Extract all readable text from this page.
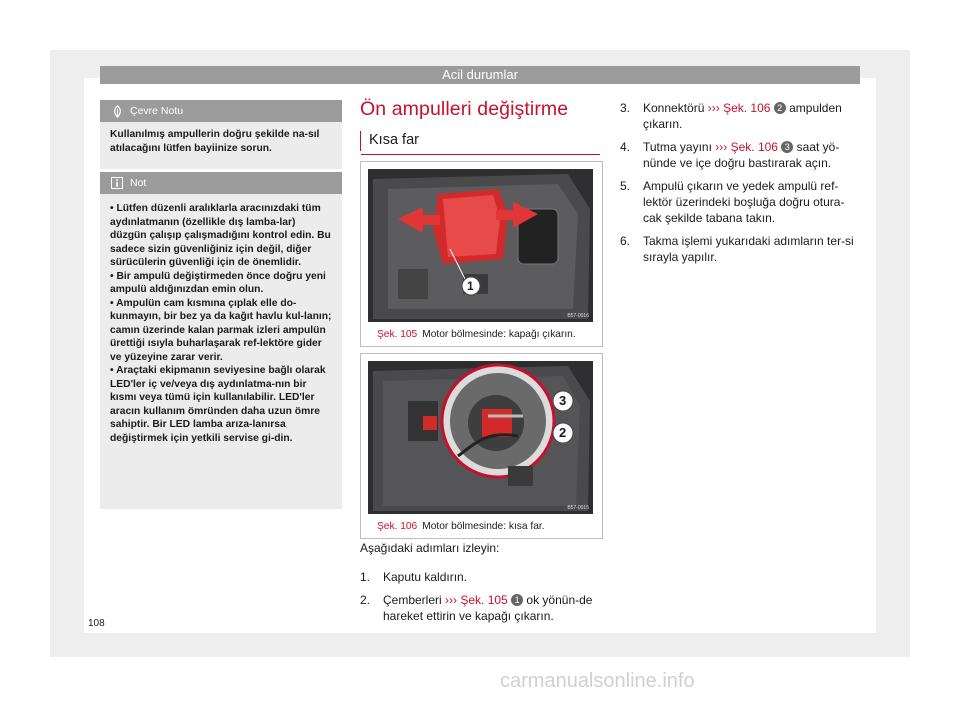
Acil durumlar
Çevre Notu

Kullanılmış ampullerin doğru şekilde na-sıl atılacağını lütfen bayiinize sorun.

Not

• Lütfen düzenli aralıklarla aracınızdaki tüm aydınlatmanın (özellikle dış lamba-lar) düzgün çalışıp çalışmadığını kontrol edin. Bu sadece sizin güvenliğiniz için değil, diğer sürücülerin güvenliği için de önemlidir.

• Bir ampulü değiştirmeden önce doğru yeni ampulü aldığınızdan emin olun.

• Ampulün cam kısmına çıplak elle do-kunmayın, bir bez ya da kağıt havlu kul-lanın; camın üzerinde kalan parmak izleri ampulün ürettiği ısıyla buharlaşarak ref-lektöre gider ve yüzeyine zarar verir.

• Araçtaki ekipmanın seviyesine bağlı olarak LED'ler iç ve/veya dış aydınlatma-nın bir kısmı veya tümü için kullanılabilir. LED'ler aracın kullanım ömründen daha uzun ömre sahiptir. Bir LED lamba arıza-lanırsa değiştirmek için yetkili servise gi-din.

Ön ampulleri değiştirme
Kısa far
1
B57-0016
Şek. 105 Motor bölmesinde: kapağı çıkarın.
3
2
B57-0015
Şek. 106 Motor bölmesinde: kısa far.
Aşağıdaki adımları izleyin:
1.	Kaputu kaldırın.
2.	Çemberleri ››› Şek. 105 1 ok yönün-de hareket ettirin ve kapağı çıkarın.
3.	Konnektörü ››› Şek. 106 2 ampulden çıkarın.
4.	Tutma yayını ››› Şek. 106 3 saat yö-nünde ve içe doğru bastırarak açın.
5.	Ampulü çıkarın ve yedek ampulü ref-lektör üzerindeki boşluğa doğru otura-cak şekilde tabana takın.
6.	Takma işlemi yukarıdaki adımların ter-si sırayla yapılır.
108
carmanualsonline.info
